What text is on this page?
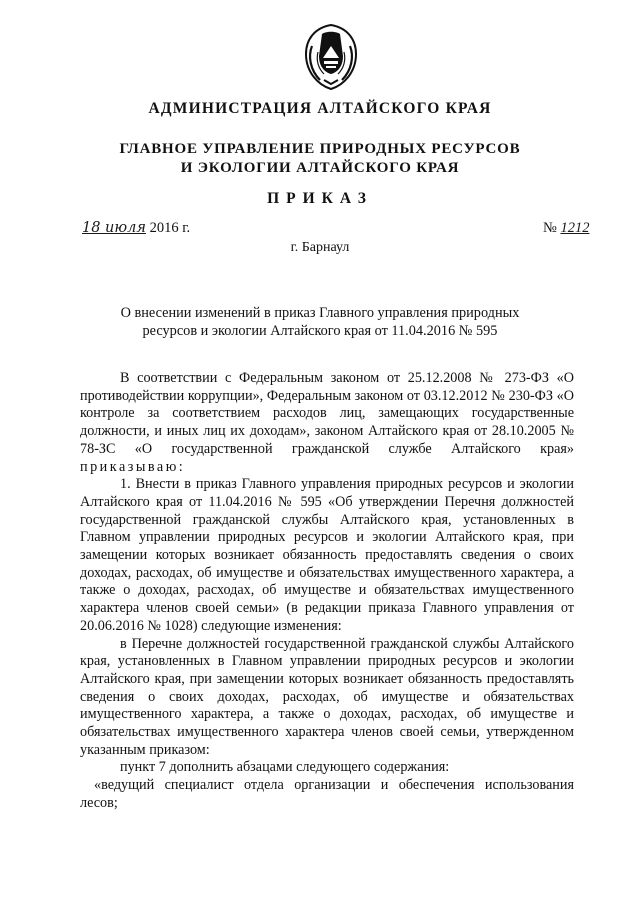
АДМИНИСТРАЦИЯ АЛТАЙСКОГО КРАЯ
ГЛАВНОЕ УПРАВЛЕНИЕ ПРИРОДНЫХ РЕСУРСОВ
И ЭКОЛОГИИ АЛТАЙСКОГО КРАЯ
ПРИКАЗ
18 июля 2016 г.	№ 1212
г. Барнаул
О внесении изменений в приказ Главного управления природных
ресурсов и экологии Алтайского края от 11.04.2016 № 595

В соответствии с Федеральным законом от 25.12.2008 № 273-ФЗ «О противодействии коррупции», Федеральным законом от 03.12.2012 № 230-ФЗ «О контроле за соответствием расходов лиц, замещающих государственные должности, и иных лиц их доходам», законом Алтайского края от 28.10.2005 № 78-ЗС «О государственной гражданской службе Алтайского края» приказываю:

1. Внести в приказ Главного управления природных ресурсов и экологии Алтайского края от 11.04.2016 № 595 «Об утверждении Перечня должностей государственной гражданской службы Алтайского края, установленных в Главном управлении природных ресурсов и экологии Алтайского края, при замещении которых возникает обязанность предоставлять сведения о своих доходах, расходах, об имуществе и обязательствах имущественного характера, а также о доходах, расходах, об имуществе и обязательствах имущественного характера членов своей семьи» (в редакции приказа Главного управления от 20.06.2016 № 1028) следующие изменения:

в Перечне должностей государственной гражданской службы Алтайского края, установленных в Главном управлении природных ресурсов и экологии Алтайского края, при замещении которых возникает обязанность предоставлять сведения о своих доходах, расходах, об имуществе и обязательствах имущественного характера, а также о доходах, расходах, об имуществе и обязательствах имущественного характера членов своей семьи, утвержденном указанным приказом:

пункт 7 дополнить абзацами следующего содержания:

«ведущий специалист отдела организации и обеспечения использования лесов;
